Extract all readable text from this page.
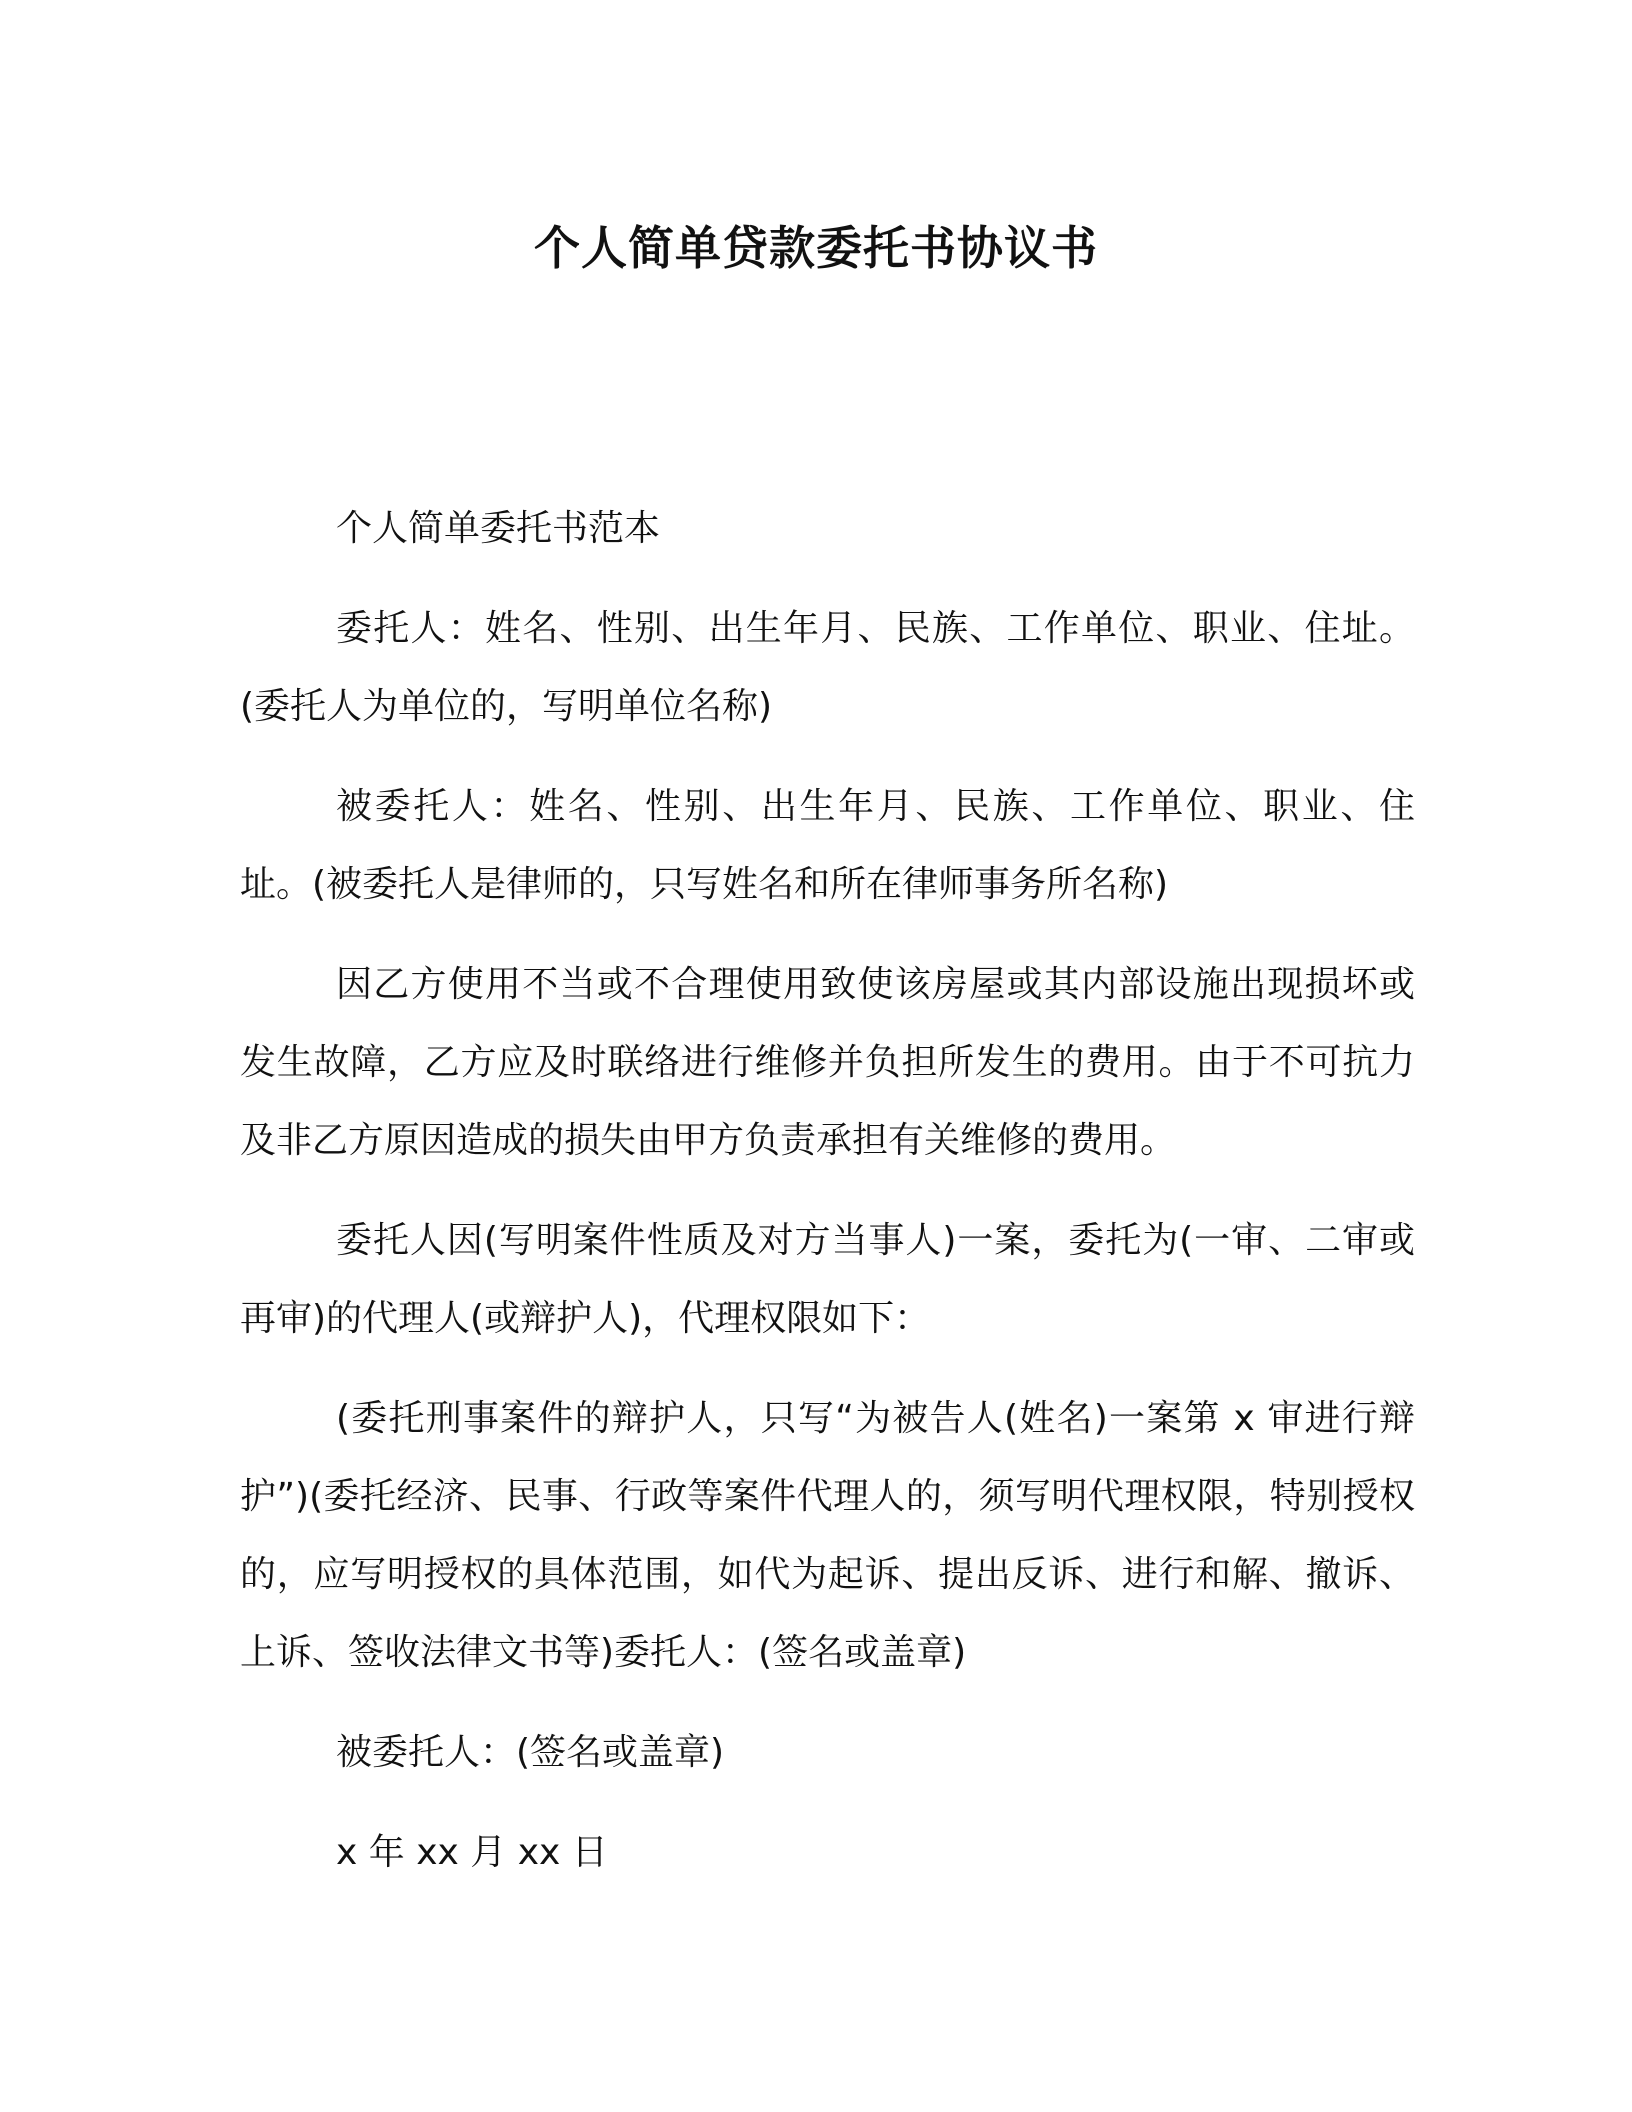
个人简单贷款委托书协议书

个人简单委托书范本

委托人：姓名、性别、出生年月、民族、工作单位、职业、住址。(委托人为单位的，写明单位名称)

被委托人：姓名、性别、出生年月、民族、工作单位、职业、住址。(被委托人是律师的，只写姓名和所在律师事务所名称)

因乙方使用不当或不合理使用致使该房屋或其内部设施出现损坏或发生故障，乙方应及时联络进行维修并负担所发生的费用。由于不可抗力及非乙方原因造成的损失由甲方负责承担有关维修的费用。

委托人因(写明案件性质及对方当事人)一案，委托为(一审、二审或再审)的代理人(或辩护人)，代理权限如下：

(委托刑事案件的辩护人，只写“为被告人(姓名)一案第 x 审进行辩护”)(委托经济、民事、行政等案件代理人的，须写明代理权限，特别授权的，应写明授权的具体范围，如代为起诉、提出反诉、进行和解、撤诉、上诉、签收法律文书等)委托人：(签名或盖章)

被委托人：(签名或盖章)

x 年 xx 月 xx 日
